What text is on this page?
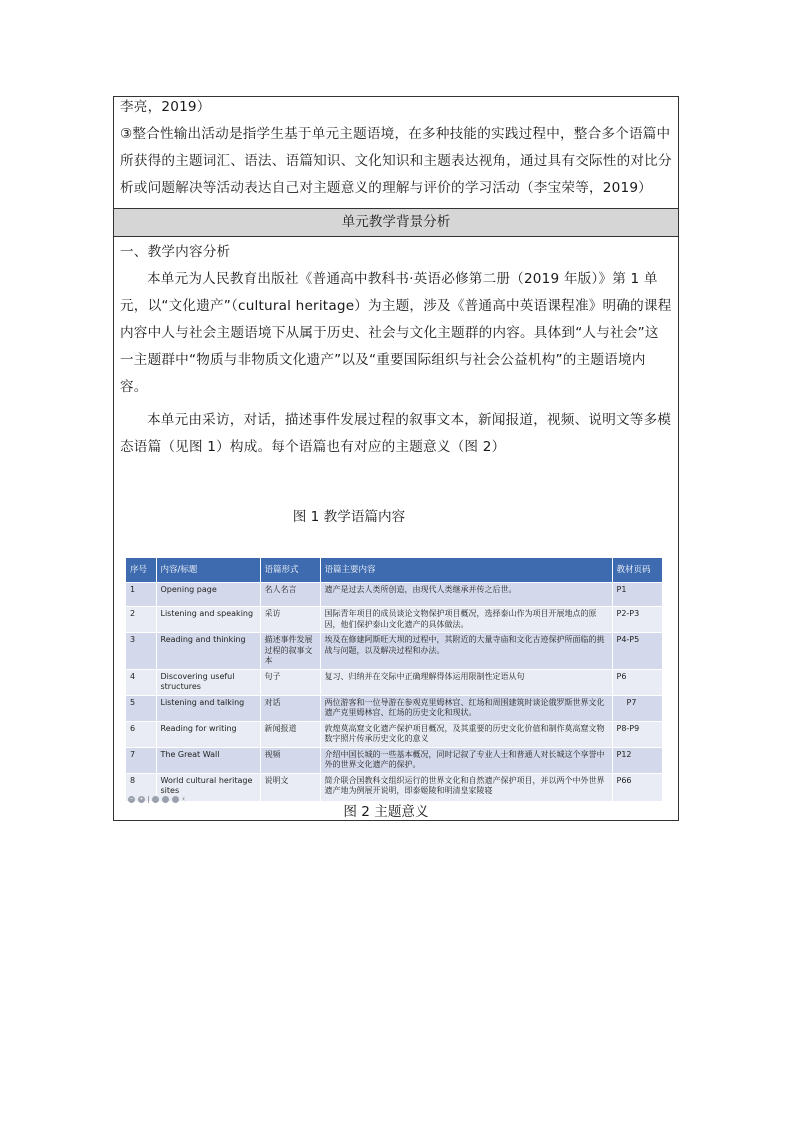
李亮，2019）
③整合性输出活动是指学生基于单元主题语境，在多种技能的实践过程中，整合多个语篇中所获得的主题词汇、语法、语篇知识、文化知识和主题表达视角，通过具有交际性的对比分析或问题解决等活动表达自己对主题意义的理解与评价的学习活动（李宝荣等，2019）
单元教学背景分析

一、教学内容分析

本单元为人民教育出版社《普通高中教科书·英语必修第二册（2019 年版）》第 1 单元，以“文化遗产”（cultural heritage）为主题，涉及《普通高中英语课程准》明确的课程内容中人与社会主题语境下从属于历史、社会与文化主题群的内容。具体到“人与社会”这一主题群中“物质与非物质文化遗产”以及“重要国际组织与社会公益机构”的主题语境内容。

本单元由采访，对话，描述事件发展过程的叙事文本，新闻报道，视频、说明文等多模态语篇（见图 1）构成。每个语篇也有对应的主题意义（图 2）

图 1 教学语篇内容
序号	内容/标题	语篇形式	语篇主要内容	教材页码
1	Opening page	名人名言	遗产是过去人类所创造，由现代人类继承并传之后世。	P1
2	Listening and speaking	采访	国际青年项目的成员谈论文物保护项目概况，选择泰山作为项目开展地点的原因，他们保护泰山文化遗产的具体做法。	P2-P3
3	Reading and thinking	描述事件发展过程的叙事文本	埃及在修建阿斯旺大坝的过程中，其附近的大量寺庙和文化古迹保护所面临的挑战与问题，以及解决过程和办法。	P4-P5
4	Discovering useful structures	句子	复习、归纳并在交际中正确理解得体运用限制性定语从句	P6
5	Listening and talking	对话	两位游客和一位导游在参观克里姆林宫、红场和周围建筑时谈论俄罗斯世界文化遗产克里姆林宫、红场的历史文化和现状。	P7
6	Reading for writing	新闻报道	敦煌莫高窟文化遗产保护项目概况，及其重要的历史文化价值和制作莫高窟文物数字照片传承历史文化的意义	P8-P9
7	The Great Wall	视频	介绍中国长城的一些基本概况，同时记叙了专业人士和普通人对长城这个享誉中外的世界文化遗产的保护。	P12
8	World cultural heritage sites	说明文	简介联合国教科文组织运行的世界文化和自然遗产保护项目，并以两个中外世界遗产地为例展开说明，即泰姬陵和明清皇家陵寝	P66
− +	‹
图 2 主题意义
